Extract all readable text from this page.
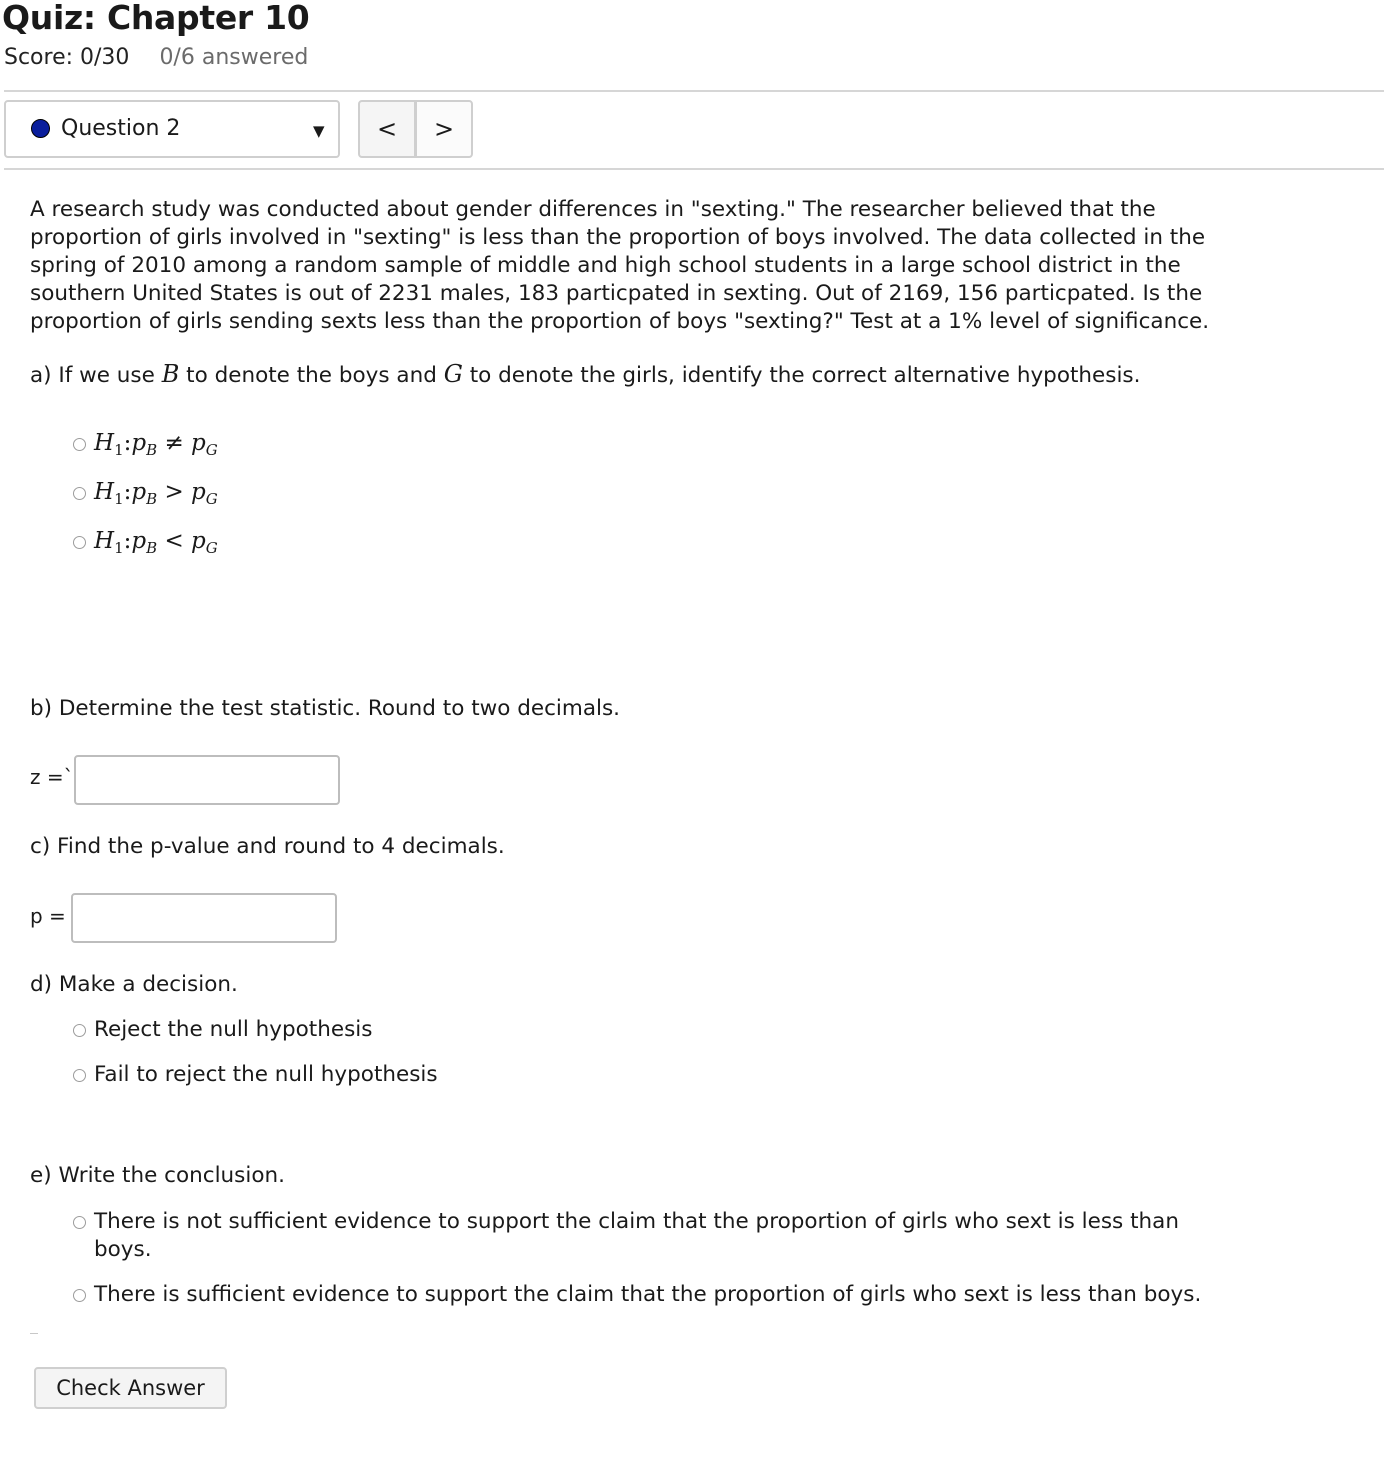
Quiz: Chapter 10
Score: 0/30 0/6 answered
Question 2	▼	<	>
A research study was conducted about gender differences in "sexting." The researcher believed that the proportion of girls involved in "sexting" is less than the proportion of boys involved. The data collected in the spring of 2010 among a random sample of middle and high school students in a large school district in the southern United States is out of 2231 males, 183 particpated in sexting. Out of 2169, 156 particpated. Is the proportion of girls sending sexts less than the proportion of boys "sexting?" Test at a 1% level of significance.
a) If we use B to denote the boys and G to denote the girls, identify the correct alternative hypothesis.
$H_1:p_B \ne p_G$
$H_1:p_B > p_G$
$H_1:p_B < p_G$
b) Determine the test statistic. Round to two decimals.
z =`
c) Find the p-value and round to 4 decimals.
p =
d) Make a decision.
Reject the null hypothesis
Fail to reject the null hypothesis
e) Write the conclusion.
There is not sufficient evidence to support the claim that the proportion of girls who sext is less than boys.
There is sufficient evidence to support the claim that the proportion of girls who sext is less than boys.
Check Answer
